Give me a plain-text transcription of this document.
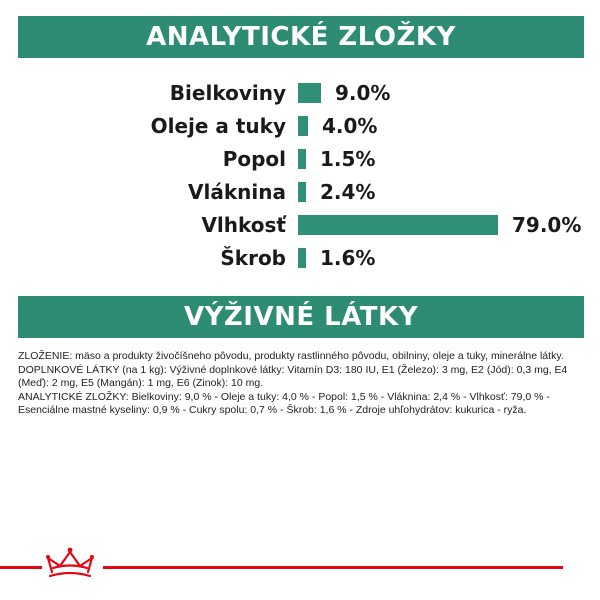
ANALYTICKÉ ZLOŽKY
Bielkoviny 9.0%
Oleje a tuky 4.0%
Popol 1.5%
Vláknina 2.4%
Vlhkosť	79.0%
Škrob 1.6%
VÝŽIVNÉ LÁTKY

ZLOŽENIE: mäso a produkty živočíšneho pôvodu, produkty rastlinného pôvodu, obilniny, oleje a tuky, minerálne látky.

DOPLNKOVÉ LÁTKY (na 1 kg): Výživné doplnkové látky: Vitamín D3: 180 IU, E1 (Železo): 3 mg, E2 (Jód): 0,3 mg, E4 (Meď): 2 mg, E5 (Mangán): 1 mg, E6 (Zinok): 10 mg.

ANALYTICKÉ ZLOŽKY: Bielkoviny: 9,0 % - Oleje a tuky: 4,0 % - Popol: 1,5 % - Vláknina: 2,4 % - Vlhkosť: 79,0 % - Esenciálne mastné kyseliny: 0,9 % - Cukry spolu: 0,7 % - Škrob: 1,6 % - Zdroje uhľohydrátov: kukurica - ryža.
